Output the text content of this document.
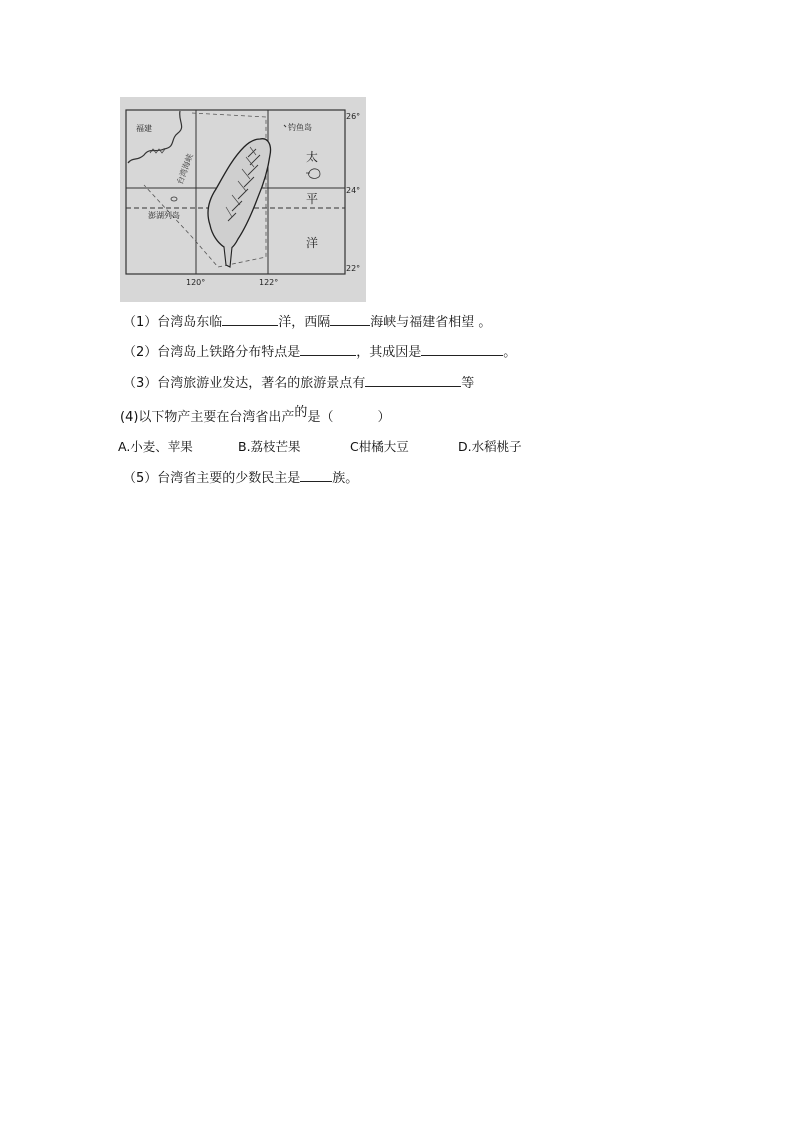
福建	钓鱼岛
台湾海峡
澎湖列岛
太
平
洋
26°
24°
22°
120°	122°
（1）台湾岛东临	洋，西隔	海峡与福建省相望 。
（2）台湾岛上铁路分布特点是	，其成因是	。
（3）台湾旅游业发达，著名的旅游景点有	等
(4)以下物产主要在台湾省出产的是（	）
A.小麦、苹果	B.荔枝芒果	C柑橘大豆	D.水稻桃子
（5）台湾省主要的少数民主是 族。
